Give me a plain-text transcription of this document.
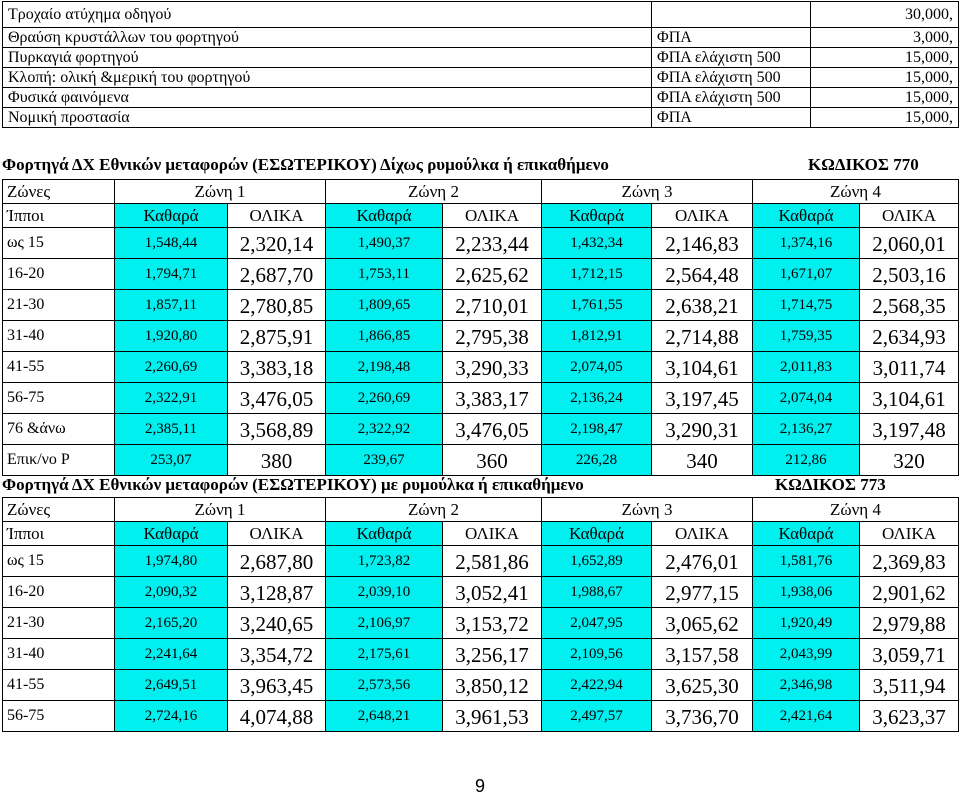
Τροχαίο ατύχημα οδηγού		30,000,
Θραύση κρυστάλλων του φορτηγού	ΦΠΑ	3,000,
Πυρκαγιά φορτηγού	ΦΠΑ ελάχιστη 500	15,000,
Κλοπή: ολική &μερική του φορτηγού	ΦΠΑ ελάχιστη 500	15,000,
Φυσικά φαινόμενα	ΦΠΑ ελάχιστη 500	15,000,
Νομική προστασία	ΦΠΑ	15,000,
Φορτηγά ΔΧ Εθνικών μεταφορών (ΕΣΩΤΕΡΙΚΟΥ) Δίχως ρυμούλκα ή επικαθήμενο	ΚΩΔΙΚΟΣ 770
Ζώνες	Ζώνη 1		Ζώνη 2		Ζώνη 3		Ζώνη 4	
Ίπποι	Καθαρά	ΟΛΙΚΑ	Καθαρά	ΟΛΙΚΑ	Καθαρά	ΟΛΙΚΑ	Καθαρά	ΟΛΙΚΑ
ως 15	1,548,44	2,320,14	1,490,37	2,233,44	1,432,34	2,146,83	1,374,16	2,060,01
16-20	1,794,71	2,687,70	1,753,11	2,625,62	1,712,15	2,564,48	1,671,07	2,503,16
21-30	1,857,11	2,780,85	1,809,65	2,710,01	1,761,55	2,638,21	1,714,75	2,568,35
31-40	1,920,80	2,875,91	1,866,85	2,795,38	1,812,91	2,714,88	1,759,35	2,634,93
41-55	2,260,69	3,383,18	2,198,48	3,290,33	2,074,05	3,104,61	2,011,83	3,011,74
56-75	2,322,91	3,476,05	2,260,69	3,383,17	2,136,24	3,197,45	2,074,04	3,104,61
76 &άνω	2,385,11	3,568,89	2,322,92	3,476,05	2,198,47	3,290,31	2,136,27	3,197,48
Επικ/νο Ρ	253,07	380	239,67	360	226,28	340	212,86	320
Φορτηγά ΔΧ Εθνικών μεταφορών (ΕΣΩΤΕΡΙΚΟΥ) με ρυμούλκα ή επικαθήμενο	ΚΩΔΙΚΟΣ 773
Ζώνες	Ζώνη 1		Ζώνη 2		Ζώνη 3		Ζώνη 4	
Ίπποι	Καθαρά	ΟΛΙΚΑ	Καθαρά	ΟΛΙΚΑ	Καθαρά	ΟΛΙΚΑ	Καθαρά	ΟΛΙΚΑ
ως 15	1,974,80	2,687,80	1,723,82	2,581,86	1,652,89	2,476,01	1,581,76	2,369,83
16-20	2,090,32	3,128,87	2,039,10	3,052,41	1,988,67	2,977,15	1,938,06	2,901,62
21-30	2,165,20	3,240,65	2,106,97	3,153,72	2,047,95	3,065,62	1,920,49	2,979,88
31-40	2,241,64	3,354,72	2,175,61	3,256,17	2,109,56	3,157,58	2,043,99	3,059,71
41-55	2,649,51	3,963,45	2,573,56	3,850,12	2,422,94	3,625,30	2,346,98	3,511,94
56-75	2,724,16	4,074,88	2,648,21	3,961,53	2,497,57	3,736,70	2,421,64	3,623,37
9
